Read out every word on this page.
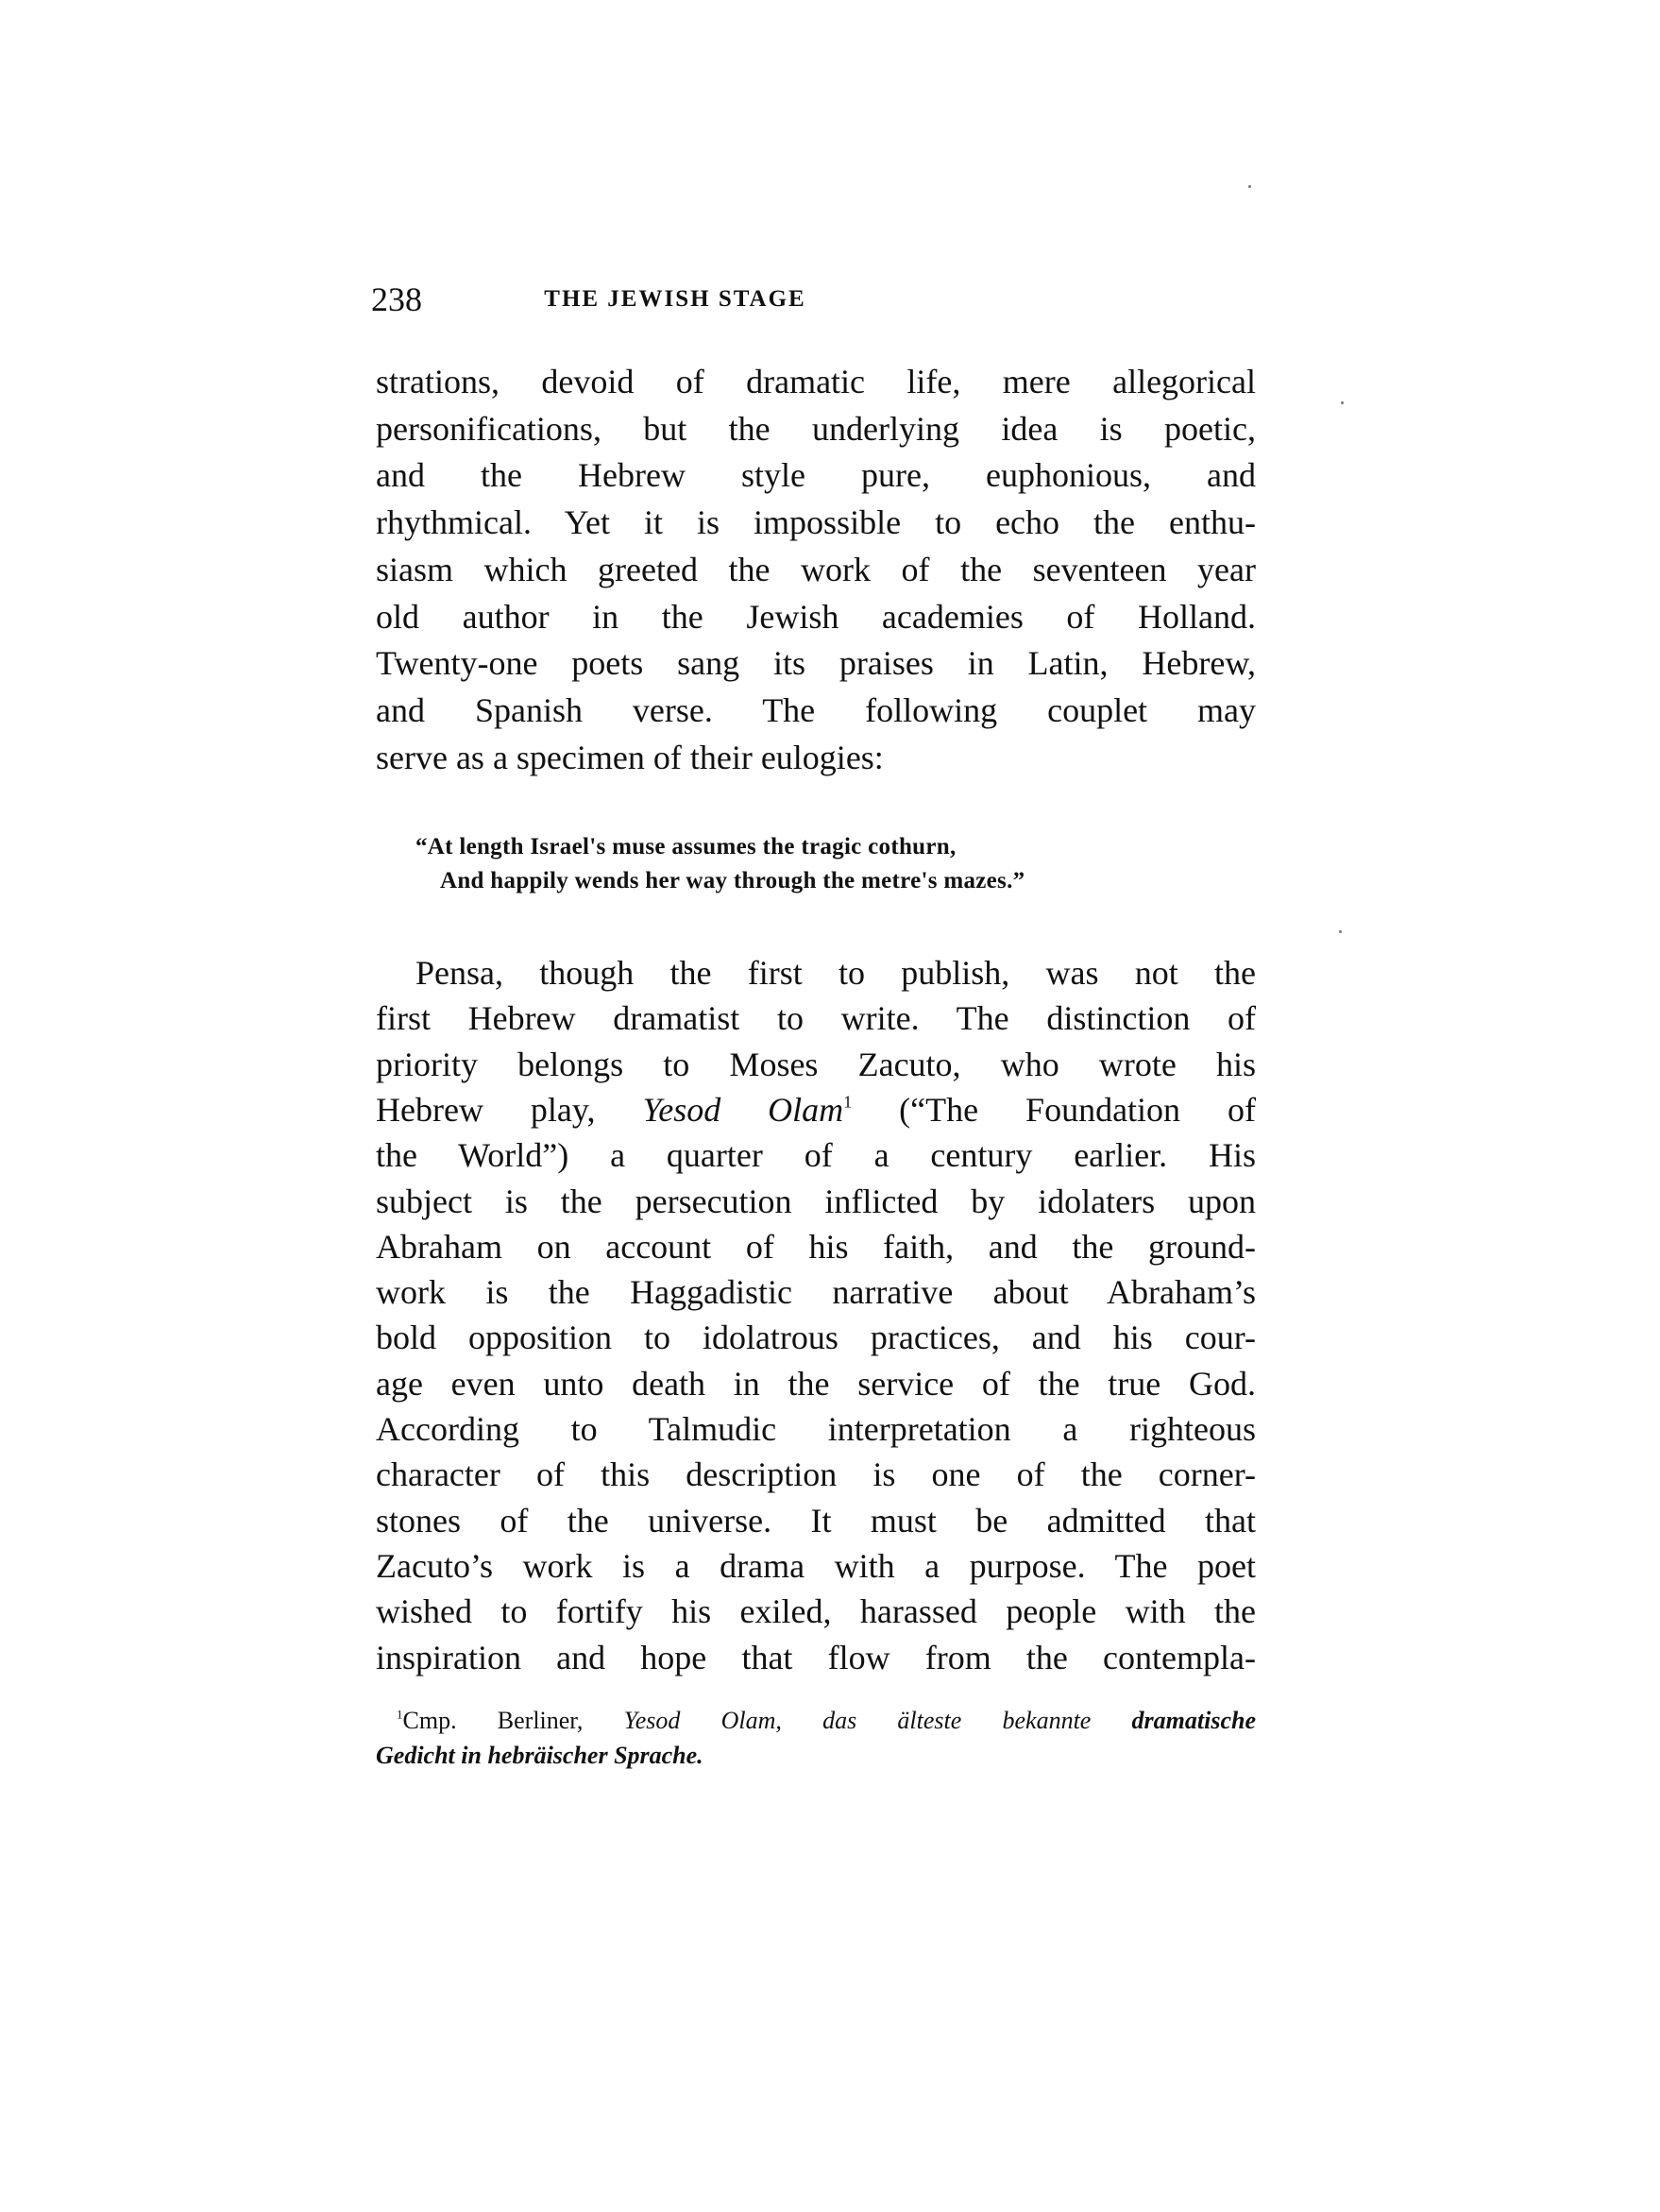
238	THE JEWISH STAGE
strations, devoid of dramatic life, mere allegorical
personifications, but the underlying idea is poetic,
and the Hebrew style pure, euphonious, and
rhythmical. Yet it is impossible to echo the enthu-
siasm which greeted the work of the seventeen year
old author in the Jewish academies of Holland.
Twenty-one poets sang its praises in Latin, Hebrew,
and Spanish verse. The following couplet may
serve as a specimen of their eulogies:
“At length Israel's muse assumes the tragic cothurn,
And happily wends her way through the metre's mazes.”
Pensa, though the first to publish, was not the
first Hebrew dramatist to write. The distinction of
priority belongs to Moses Zacuto, who wrote his
Hebrew play, Yesod Olam$^1$ (“The Foundation of
the World”) a quarter of a century earlier. His
subject is the persecution inflicted by idolaters upon
Abraham on account of his faith, and the ground-
work is the Haggadistic narrative about Abraham’s
bold opposition to idolatrous practices, and his cour-
age even unto death in the service of the true God.
According to Talmudic interpretation a righteous
character of this description is one of the corner-
stones of the universe. It must be admitted that
Zacuto’s work is a drama with a purpose. The poet
wished to fortify his exiled, harassed people with the
inspiration and hope that flow from the contempla-
$^1$Cmp. Berliner, Yesod Olam, das älteste bekannte dramatische
Gedicht in hebräischer Sprache.
